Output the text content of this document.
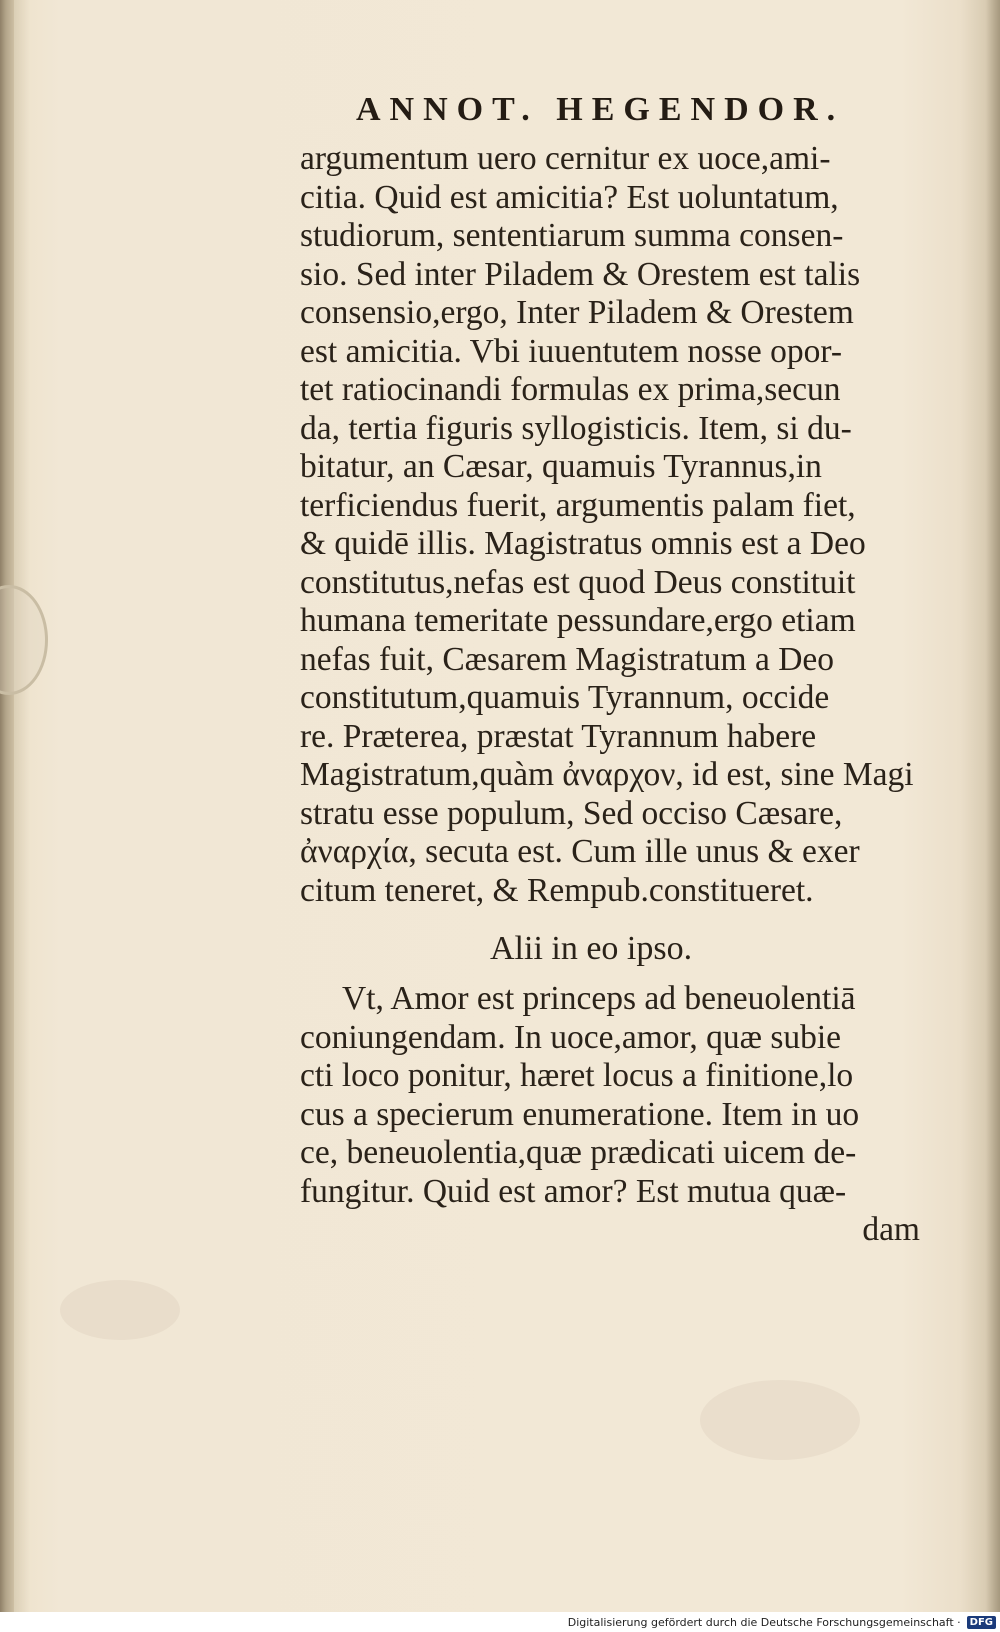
ANNOT. HEGENDOR.
argumentum uero cernitur ex uoce,ami-
citia. Quid est amicitia? Est uoluntatum,
studiorum, sententiarum summa consen-
sio. Sed inter Piladem & Orestem est talis
consensio,ergo, Inter Piladem & Orestem
est amicitia. Vbi iuuentutem nosse opor-
tet ratiocinandi formulas ex prima,secun
da, tertia figuris syllogisticis. Item, si du-
bitatur, an Cæsar, quamuis Tyrannus,in
terficiendus fuerit, argumentis palam fiet,
& quidē illis. Magistratus omnis est a Deo
constitutus,nefas est quod Deus constituit
humana temeritate pessundare,ergo etiam
nefas fuit, Cæsarem Magistratum a Deo
constitutum,quamuis Tyrannum, occide
re. Præterea, præstat Tyrannum habere
Magistratum,quàm ἀναρχον, id est, sine Magi
stratu esse populum, Sed occiso Cæsare,
ἀναρχία, secuta est. Cum ille unus & exer
citum teneret, & Rempub.constitueret.
Alii in eo ipso.
Vt, Amor est princeps ad beneuolentiā
coniungendam. In uoce,amor, quæ subie
cti loco ponitur, hæret locus a finitione,lo
cus a specierum enumeratione. Item in uo
ce, beneuolentia,quæ prædicati uicem de-
fungitur. Quid est amor? Est mutua quæ-
dam
Digitalisierung gefördert durch die Deutsche Forschungsgemeinschaft · DFG
